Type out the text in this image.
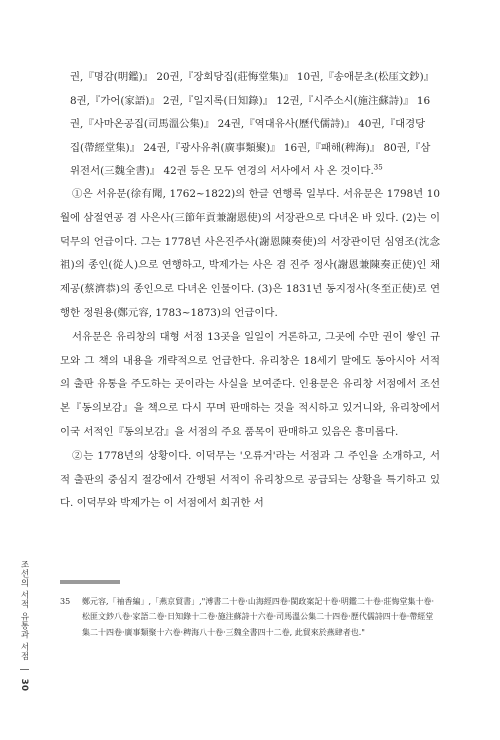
권,『명감(明鑑)』 20권,『장회당집(莊悔堂集)』 10권,『송애문초(松厓文鈔)』

8권,『가어(家語)』 2권,『일지록(日知錄)』 12권,『시주소시(施注蘇詩)』 16

권,『사마온공집(司馬溫公集)』 24권,『역대유사(歷代儒詩)』 40권,『대경당

집(帶經堂集)』 24권,『광사유취(廣事類聚)』 16권,『패해(稗海)』 80권,『삼

위전서(三魏全書)』 42권 등은 모두 연경의 서사에서 사 온 것이다.$^{35}$

①은 서유문(徐有聞, 1762~1822)의 한글 연행록 일부다. 서유문은 1798년 10월에 삼절연공 겸 사은사(三節年貢兼謝恩使)의 서장관으로 다녀온 바 있다. (2)는 이덕무의 언급이다. 그는 1778년 사은진주사(謝恩陳奏使)의 서장관이던 심염조(沈念祖)의 종인(從人)으로 연행하고, 박제가는 사은 겸 진주 정사(謝恩兼陳奏正使)인 채제공(蔡濟恭)의 종인으로 다녀온 인물이다. (3)은 1831년 동지정사(冬至正使)로 연행한 정원용(鄭元容, 1783~1873)의 언급이다.

서유문은 유리창의 대형 서점 13곳을 일일이 거론하고, 그곳에 수만 권이 쌓인 규모와 그 책의 내용을 개략적으로 언급한다. 유리창은 18세기 말에도 동아시아 서적의 출판 유통을 주도하는 곳이라는 사실을 보여준다. 인용문은 유리창 서점에서 조선본『동의보감』을 책으로 다시 꾸며 판매하는 것을 적시하고 있거니와, 유리창에서 이국 서적인『동의보감』을 서점의 주요 품목이 판매하고 있음은 흥미롭다.

②는 1778년의 상황이다. 이덕무는 '오류거'라는 서점과 그 주인을 소개하고, 서적 출판의 중심지 절강에서 간행된 서적이 유리창으로 공급되는 상황을 특기하고 있다. 이덕무와 박제가는 이 서점에서 희귀한 서

35 鄭元容,「袖香編」,「燕京貿書」,"溥書二十卷·山海經四卷·閩政案記十卷·明鑑二十卷·莊悔堂集十卷·松匪文鈔八卷·家語二卷·日知錄十二卷·施注蘇詩十六卷·司馬溫公集二十四卷·歷代儒詩四十卷·帶經堂集二十四卷·廣事類聚十六卷·稗海八十卷·三魏全書四十二卷, 此貿來於燕肆者也."
조선의 서적 유통과 서점 | 30
